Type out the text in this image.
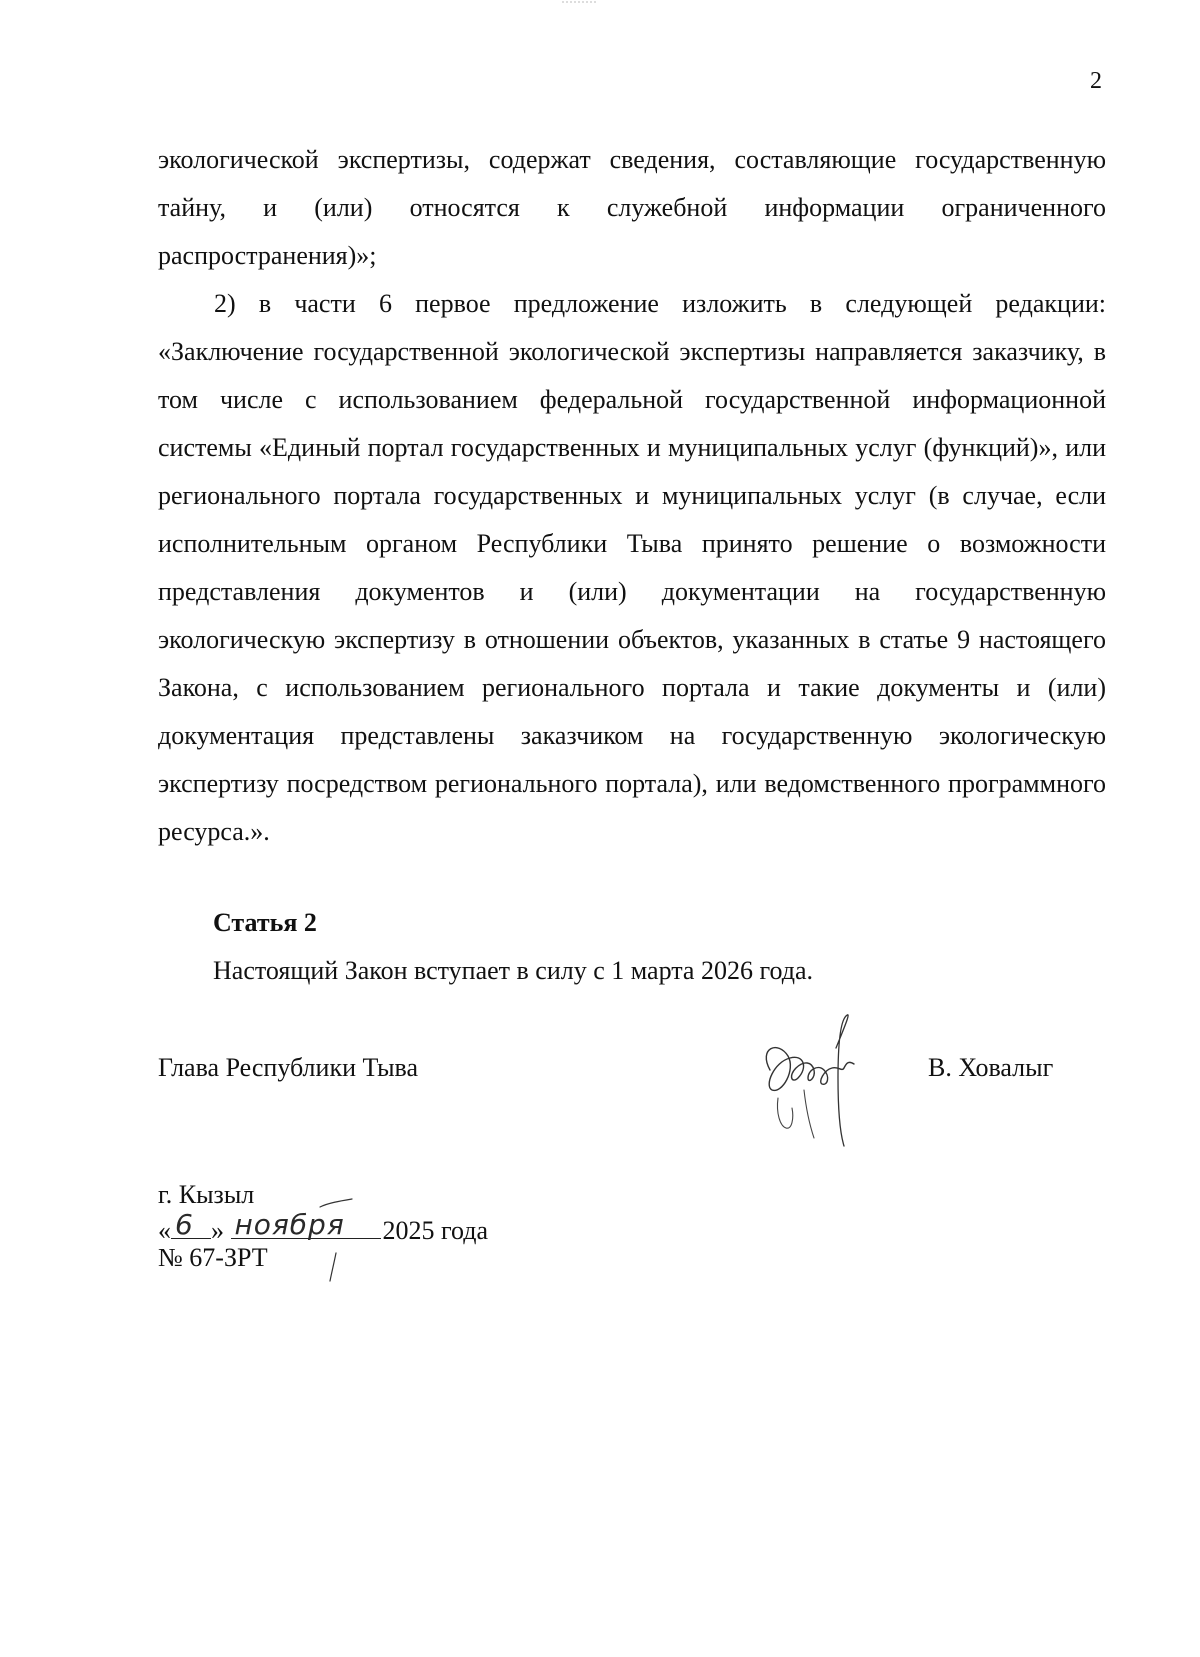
2

экологической экспертизы, содержат сведения, составляющие государственную тайну, и (или) относятся к служебной информации ограниченного распространения)»;

2) в части 6 первое предложение изложить в следующей редакции: «Заключение государственной экологической экспертизы направляется заказчику, в том числе с использованием федеральной государственной информационной системы «Единый портал государственных и муниципальных услуг (функций)», или регионального портала государственных и муниципальных услуг (в случае, если исполнительным органом Республики Тыва принято решение о возможности представления документов и (или) документации на государственную экологическую экспертизу в отношении объектов, указанных в статье 9 настоящего Закона, с использованием регионального портала и такие документы и (или) документация представлены заказчиком на государственную экологическую экспертизу посредством регионального портала), или ведомственного программного ресурса.».

Статья 2
Настоящий Закон вступает в силу с 1 марта 2026 года.
Глава Республики Тыва	В. Ховалыг
г. Кызыл
« 6 » ноября 2025 года
№ 67-ЗРТ
